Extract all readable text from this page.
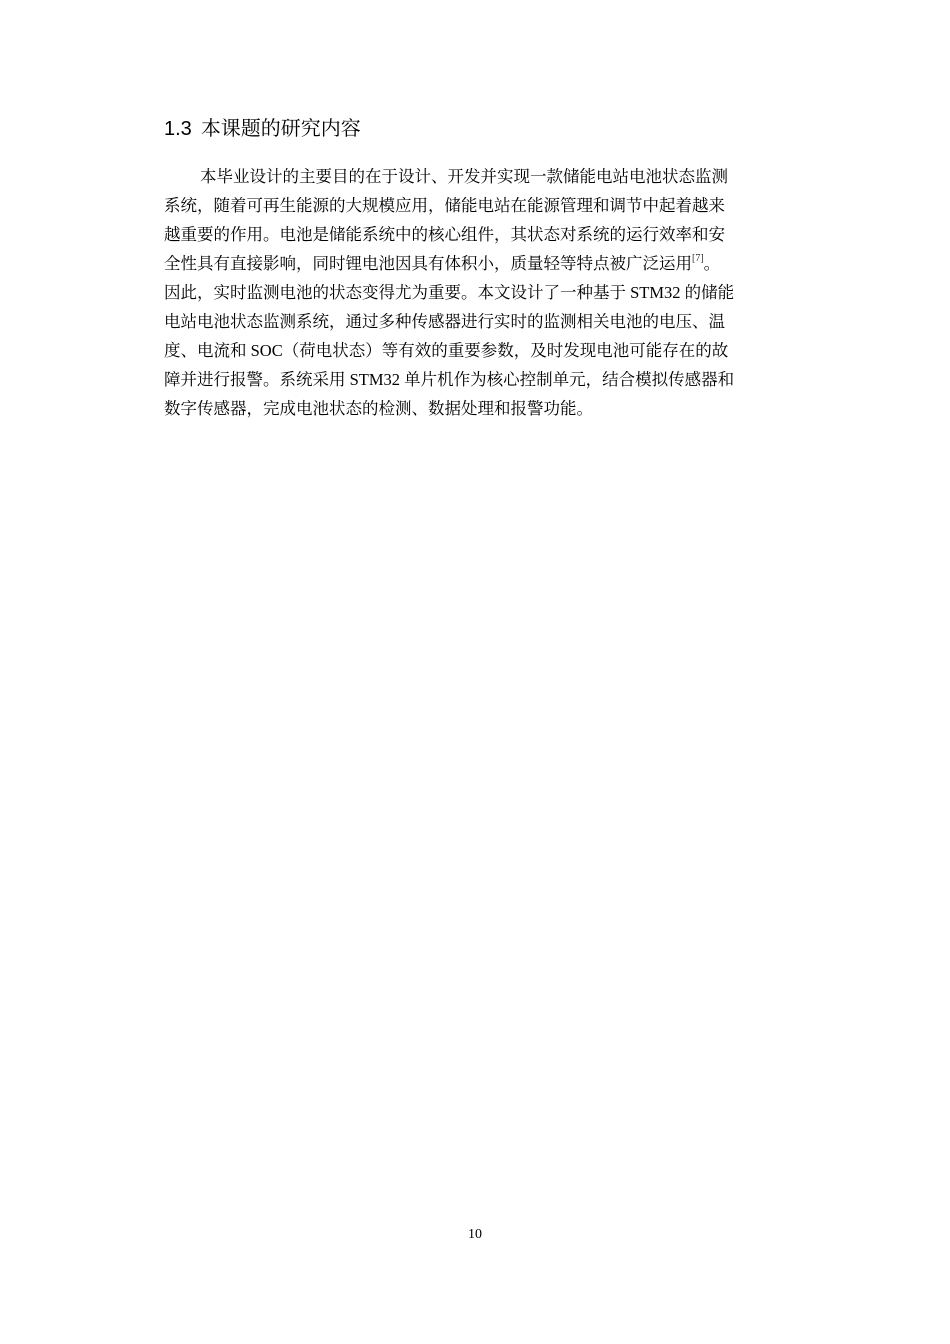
1.3 本课题的研究内容
本毕业设计的主要目的在于设计、开发并实现一款储能电站电池状态监测
系统，随着可再生能源的大规模应用，储能电站在能源管理和调节中起着越来
越重要的作用。电池是储能系统中的核心组件，其状态对系统的运行效率和安
全性具有直接影响，同时锂电池因具有体积小，质量轻等特点被广泛运用[7]。
因此，实时监测电池的状态变得尤为重要。本文设计了一种基于 STM32 的储能
电站电池状态监测系统，通过多种传感器进行实时的监测相关电池的电压、温
度、电流和 SOC（荷电状态）等有效的重要参数，及时发现电池可能存在的故
障并进行报警。系统采用 STM32 单片机作为核心控制单元，结合模拟传感器和
数字传感器，完成电池状态的检测、数据处理和报警功能。
10
